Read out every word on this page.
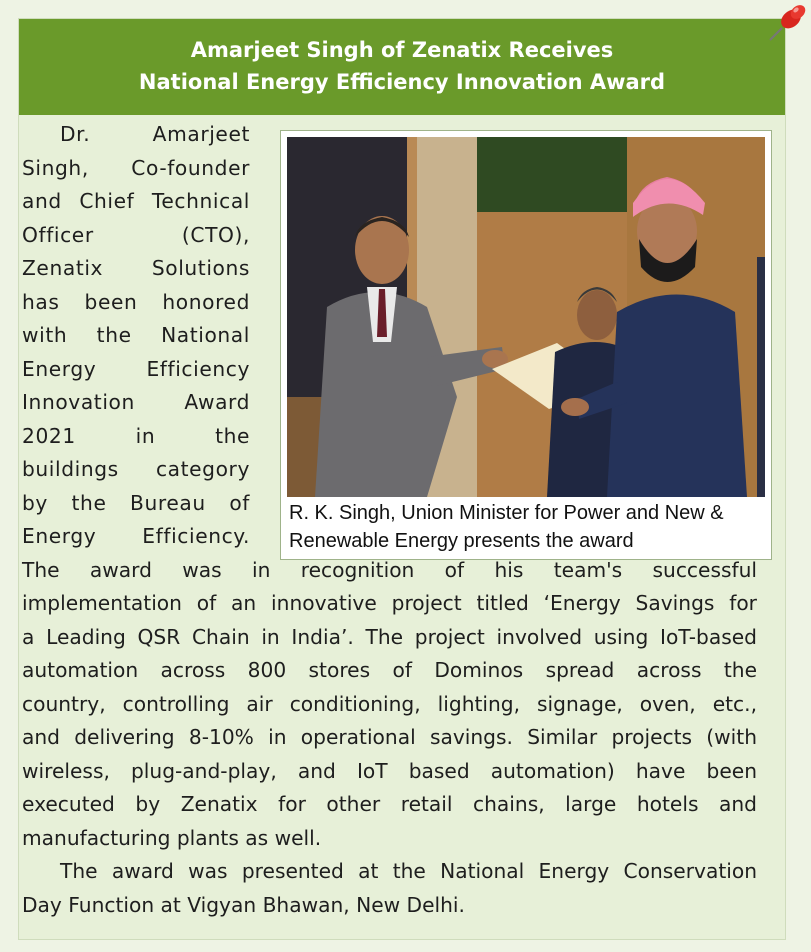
Amarjeet Singh of Zenatix Receives
National Energy Efficiency Innovation Award
R. K. Singh, Union Minister for Power and New &
Renewable Energy presents the award
Dr. Amarjeet
Singh, Co-founder
and Chief Technical
Officer (CTO),
Zenatix Solutions
has been honored
with the National
Energy Efficiency
Innovation Award
2021 in the
buildings category
by the Bureau of
Energy Efficiency.
The award was in recognition of his team's successful
implementation of an innovative project titled ‘Energy Savings for
a Leading QSR Chain in India’. The project involved using IoT-based
automation across 800 stores of Dominos spread across the
country, controlling air conditioning, lighting, signage, oven, etc.,
and delivering 8-10% in operational savings. Similar projects (with
wireless, plug-and-play, and IoT based automation) have been
executed by Zenatix for other retail chains, large hotels and
manufacturing plants as well.
The award was presented at the National Energy Conservation
Day Function at Vigyan Bhawan, New Delhi.
